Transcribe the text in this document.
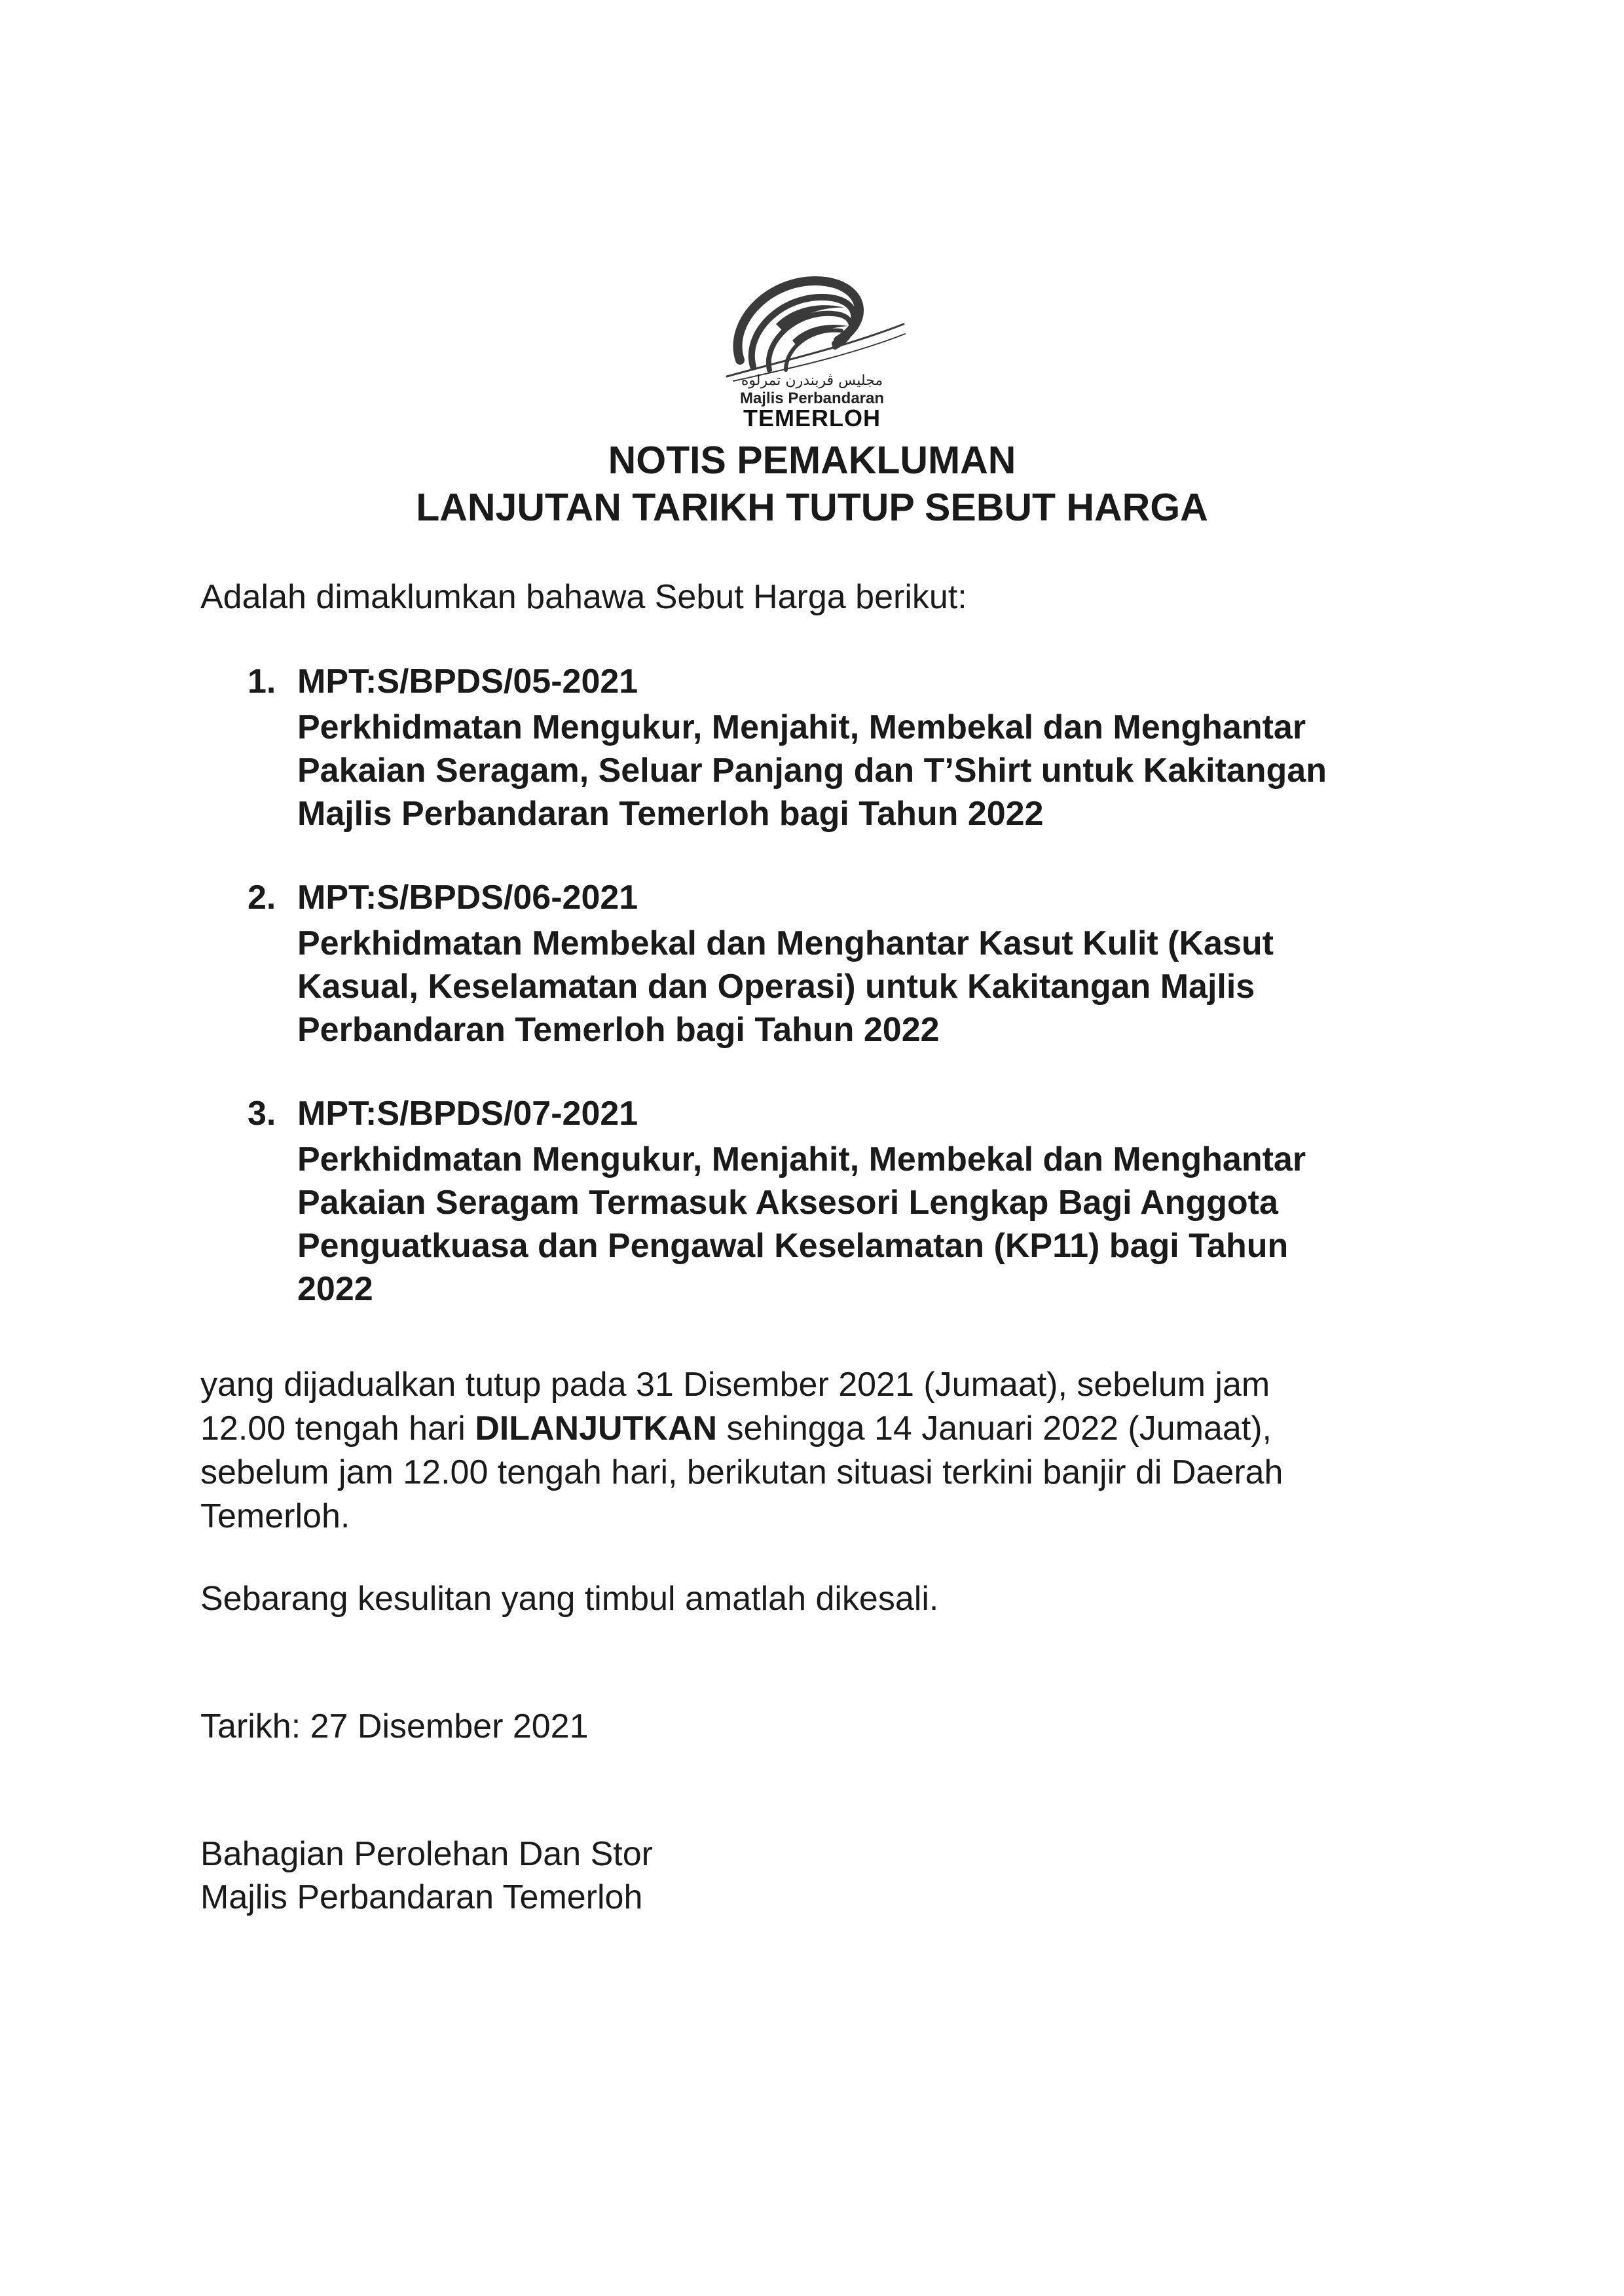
مجليس ڤربندرن تمرلوه
Majlis Perbandaran
TEMERLOH
NOTIS PEMAKLUMAN
LANJUTAN TARIKH TUTUP SEBUT HARGA
Adalah dimaklumkan bahawa Sebut Harga berikut:
1. MPT:S/BPDS/05-2021
Perkhidmatan Mengukur, Menjahit, Membekal dan Menghantar
Pakaian Seragam, Seluar Panjang dan T’Shirt untuk Kakitangan
Majlis Perbandaran Temerloh bagi Tahun 2022
2. MPT:S/BPDS/06-2021
Perkhidmatan Membekal dan Menghantar Kasut Kulit (Kasut
Kasual, Keselamatan dan Operasi) untuk Kakitangan Majlis
Perbandaran Temerloh bagi Tahun 2022
3. MPT:S/BPDS/07-2021
Perkhidmatan Mengukur, Menjahit, Membekal dan Menghantar
Pakaian Seragam Termasuk Aksesori Lengkap Bagi Anggota
Penguatkuasa dan Pengawal Keselamatan (KP11) bagi Tahun
2022
yang dijadualkan tutup pada 31 Disember 2021 (Jumaat), sebelum jam
12.00 tengah hari DILANJUTKAN sehingga 14 Januari 2022 (Jumaat),
sebelum jam 12.00 tengah hari, berikutan situasi terkini banjir di Daerah
Temerloh.
Sebarang kesulitan yang timbul amatlah dikesali.
Tarikh: 27 Disember 2021
Bahagian Perolehan Dan Stor
Majlis Perbandaran Temerloh
